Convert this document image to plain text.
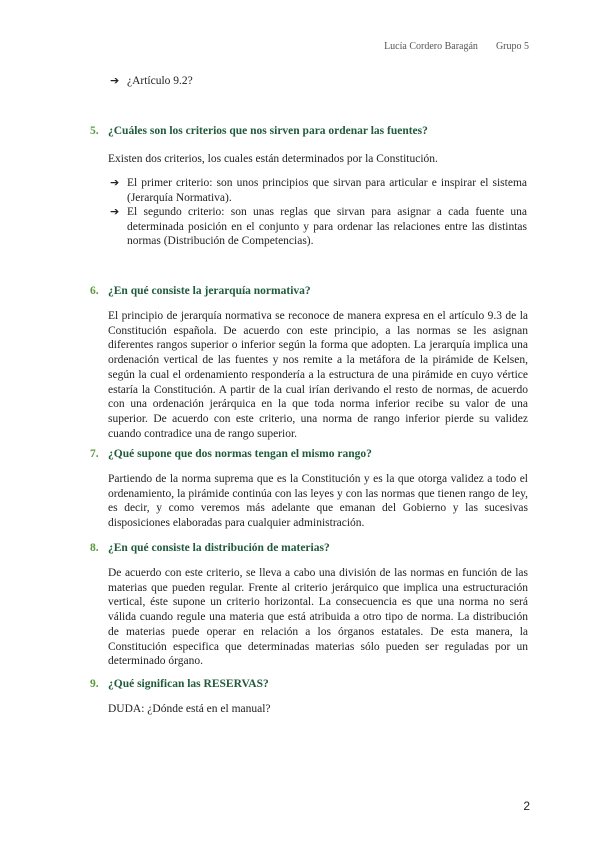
Lucía Cordero Baragán Grupo 5
➔ ¿Artículo 9.2?
5. ¿Cuáles son los criterios que nos sirven para ordenar las fuentes?
Existen dos criterios, los cuales están determinados por la Constitución.
➔ El primer criterio: son unos principios que sirvan para articular e inspirar el sistema (Jerarquía Normativa).
➔ El segundo criterio: son unas reglas que sirvan para asignar a cada fuente una determinada posición en el conjunto y para ordenar las relaciones entre las distintas normas (Distribución de Competencias).
6. ¿En qué consiste la jerarquía normativa?
El principio de jerarquía normativa se reconoce de manera expresa en el artículo 9.3 de la Constitución española. De acuerdo con este principio, a las normas se les asignan diferentes rangos superior o inferior según la forma que adopten. La jerarquía implica una ordenación vertical de las fuentes y nos remite a la metáfora de la pirámide de Kelsen, según la cual el ordenamiento respondería a la estructura de una pirámide en cuyo vértice estaría la Constitución. A partir de la cual irían derivando el resto de normas, de acuerdo con una ordenación jerárquica en la que toda norma inferior recibe su valor de una superior. De acuerdo con este criterio, una norma de rango inferior pierde su validez cuando contradice una de rango superior.
7. ¿Qué supone que dos normas tengan el mismo rango?
Partiendo de la norma suprema que es la Constitución y es la que otorga validez a todo el ordenamiento, la pirámide continúa con las leyes y con las normas que tienen rango de ley, es decir, y como veremos más adelante que emanan del Gobierno y las sucesivas disposiciones elaboradas para cualquier administración.
8. ¿En qué consiste la distribución de materias?
De acuerdo con este criterio, se lleva a cabo una división de las normas en función de las materias que pueden regular. Frente al criterio jerárquico que implica una estructuración vertical, éste supone un criterio horizontal. La consecuencia es que una norma no será válida cuando regule una materia que está atribuida a otro tipo de norma. La distribución de materias puede operar en relación a los órganos estatales. De esta manera, la Constitución especifica que determinadas materias sólo pueden ser reguladas por un determinado órgano.
9. ¿Qué significan las RESERVAS?
DUDA: ¿Dónde está en el manual?
2
